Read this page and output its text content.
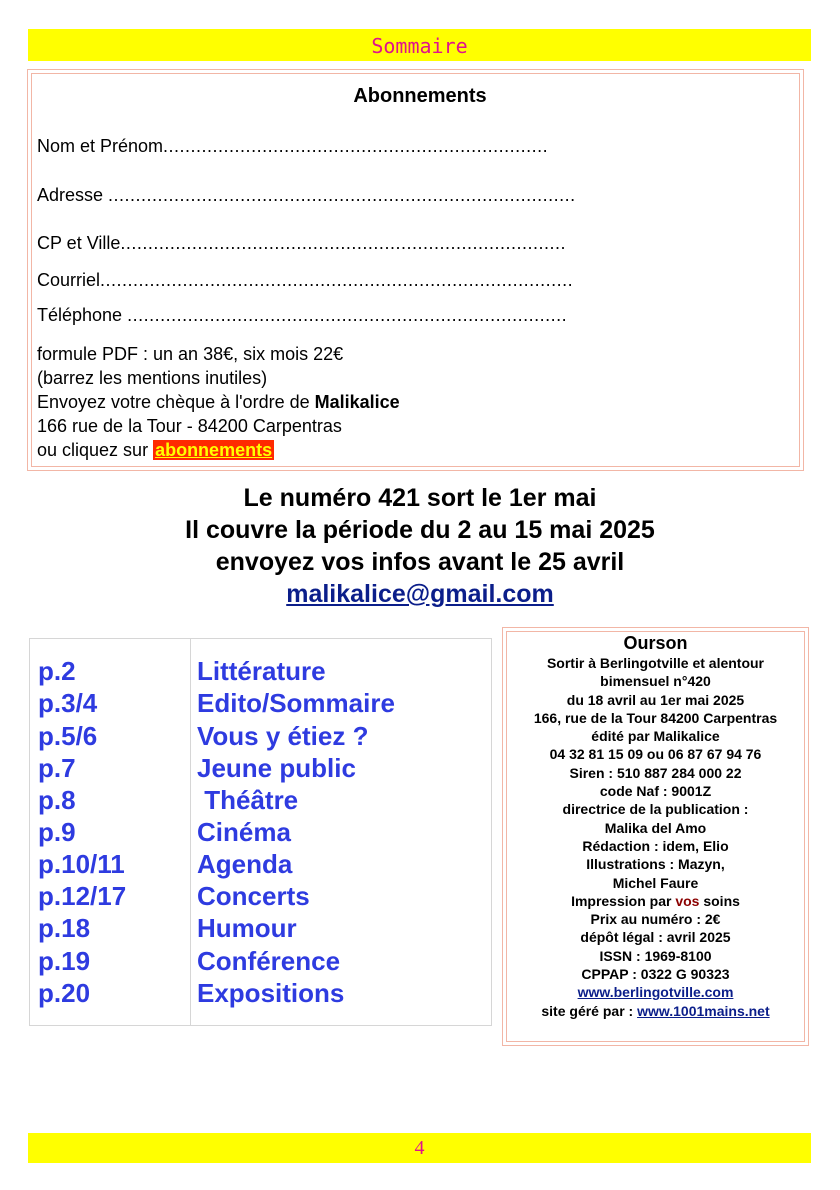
Sommaire
Abonnements
Nom et Prénom......................................................................
Adresse .....................................................................................
CP et Ville.................................................................................
Courriel......................................................................................
Téléphone ................................................................................
formule PDF : un an 38€, six mois 22€
(barrez les mentions inutiles)
Envoyez votre chèque à l'ordre de Malikalice
166 rue de la Tour - 84200 Carpentras
ou cliquez sur abonnements
Le numéro 421 sort le 1er mai
Il couvre la période du 2 au 15 mai 2025
envoyez vos infos avant le 25 avril
malikalice@gmail.com
p.2
p.3/4
p.5/6
p.7
p.8
p.9
p.10/11
p.12/17
p.18
p.19
p.20
Littérature
Edito/Sommaire
Vous y étiez ?
Jeune public
Théâtre
Cinéma
Agenda
Concerts
Humour
Conférence
Expositions
Ourson
Sortir à Berlingotville et alentour
bimensuel n°420
du 18 avril au 1er mai 2025
166, rue de la Tour 84200 Carpentras
édité par Malikalice
04 32 81 15 09 ou 06 87 67 94 76
Siren : 510 887 284 000 22
code Naf : 9001Z
directrice de la publication :
Malika del Amo
Rédaction : idem, Elio
Illustrations : Mazyn,
Michel Faure
Impression par vos soins
Prix au numéro : 2€
dépôt légal : avril 2025
ISSN : 1969-8100
CPPAP : 0322 G 90323
www.berlingotville.com
site géré par : www.1001mains.net
4
